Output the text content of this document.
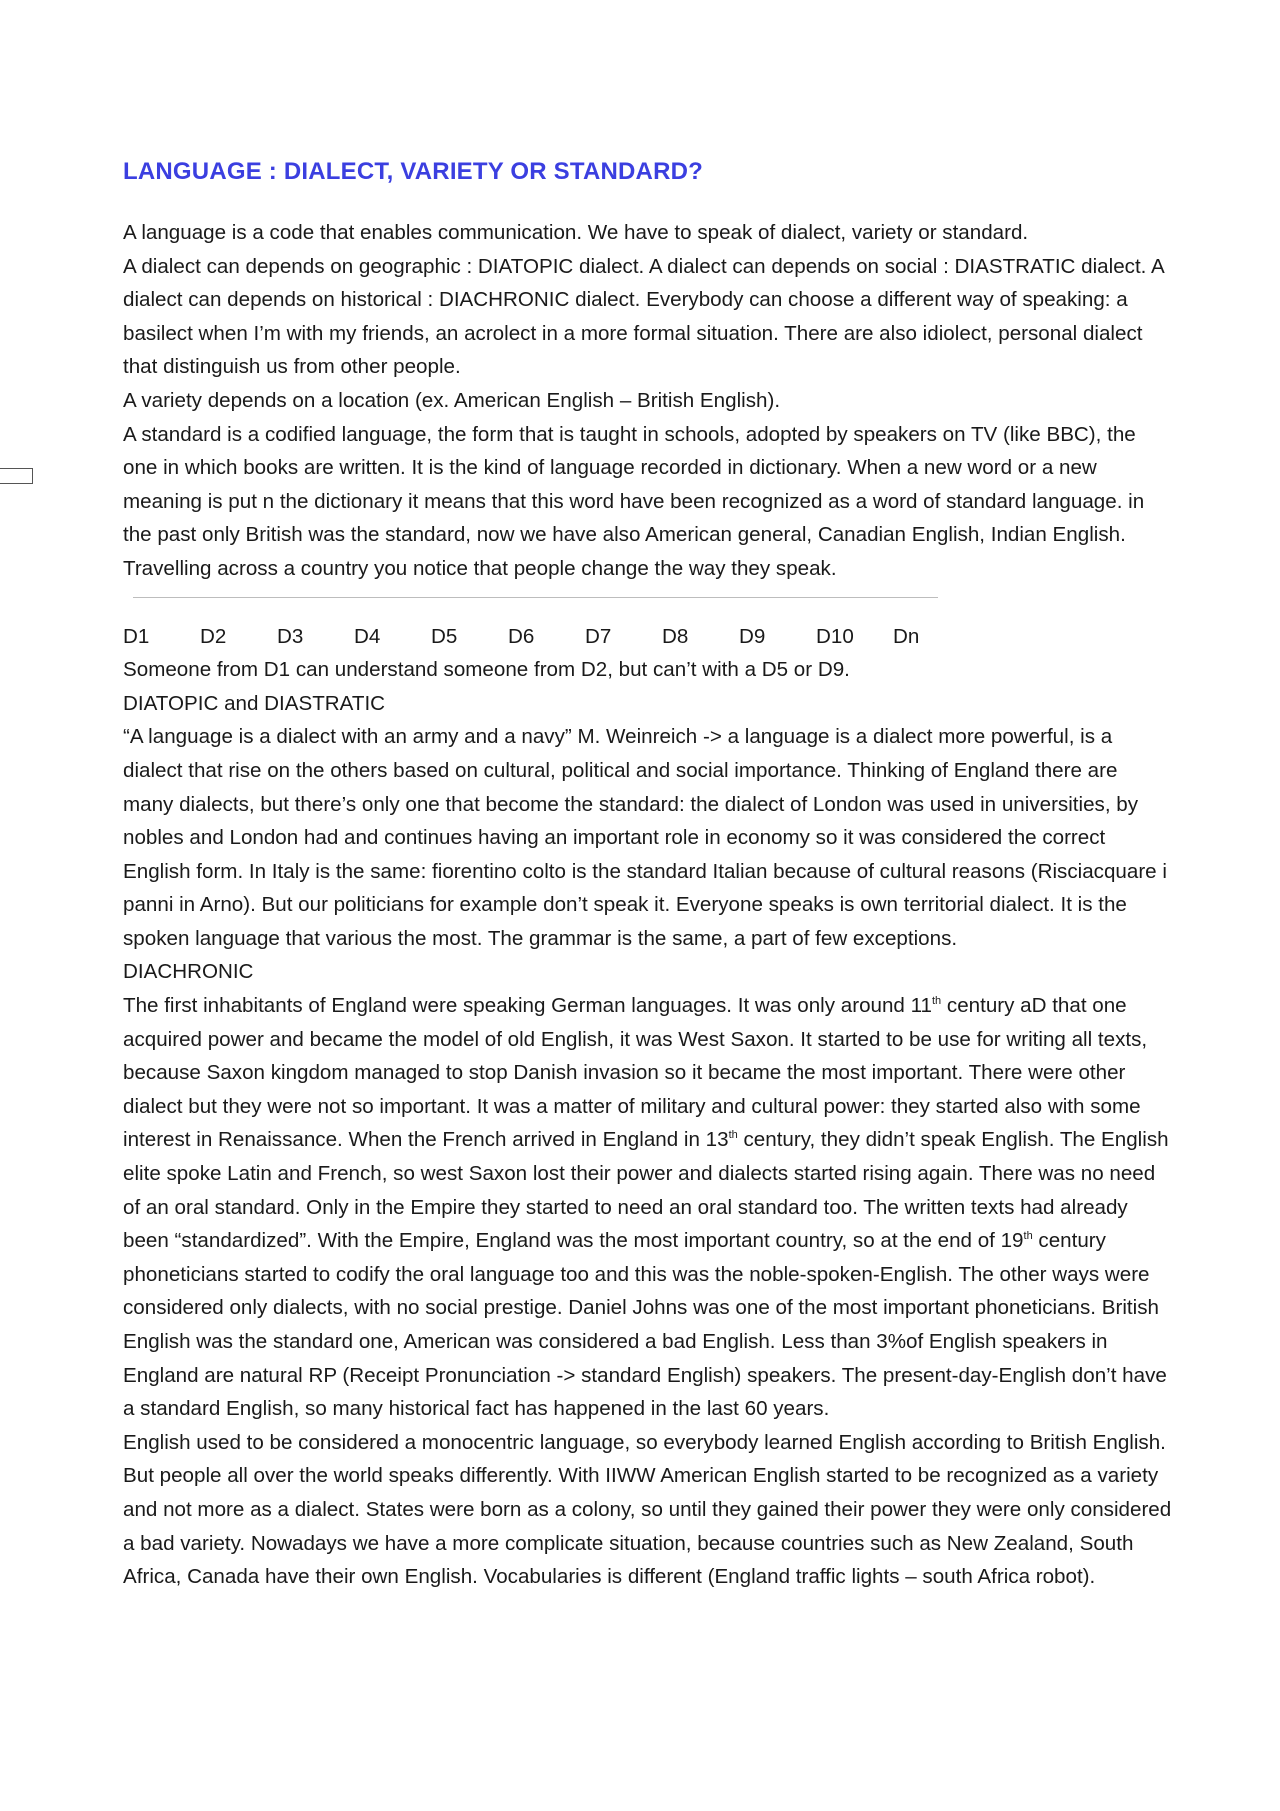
LANGUAGE : DIALECT, VARIETY OR STANDARD?

A language is a code that enables communication. We have to speak of dialect, variety or standard.

A dialect can depends on geographic : DIATOPIC dialect. A dialect can depends on social : DIASTRATIC dialect. A dialect can depends on historical : DIACHRONIC dialect. Everybody can choose a different way of speaking: a basilect when I’m with my friends, an acrolect in a more formal situation. There are also idiolect, personal dialect that distinguish us from other people.

A variety depends on a location (ex. American English – British English).

A standard is a codified language, the form that is taught in schools, adopted by speakers on TV (like BBC), the one in which books are written. It is the kind of language recorded in dictionary. When a new word or a new meaning is put n the dictionary it means that this word have been recognized as a word of standard language. in the past only British was the standard, now we have also American general, Canadian English, Indian English. Travelling across a country you notice that people change the way they speak.

D1	D2	D3	D4	D5	D6	D7	D8	D9	D10	Dn

Someone from D1 can understand someone from D2, but can’t with a D5 or D9.

DIATOPIC and DIASTRATIC

“A language is a dialect with an army and a navy” M. Weinreich -> a language is a dialect more powerful, is a dialect that rise on the others based on cultural, political and social importance. Thinking of England there are many dialects, but there’s only one that become the standard: the dialect of London was used in universities, by nobles and London had and continues having an important role in economy so it was considered the correct English form. In Italy is the same: fiorentino colto is the standard Italian because of cultural reasons (Risciacquare i panni in Arno). But our politicians for example don’t speak it. Everyone speaks is own territorial dialect. It is the spoken language that various the most. The grammar is the same, a part of few exceptions.

DIACHRONIC

The first inhabitants of England were speaking German languages. It was only around 11th century aD that one acquired power and became the model of old English, it was West Saxon. It started to be use for writing all texts, because Saxon kingdom managed to stop Danish invasion so it became the most important. There were other dialect but they were not so important. It was a matter of military and cultural power: they started also with some interest in Renaissance. When the French arrived in England in 13th century, they didn’t speak English. The English elite spoke Latin and French, so west Saxon lost their power and dialects started rising again. There was no need of an oral standard. Only in the Empire they started to need an oral standard too. The written texts had already been “standardized”. With the Empire, England was the most important country, so at the end of 19th century phoneticians started to codify the oral language too and this was the noble-spoken-English. The other ways were considered only dialects, with no social prestige. Daniel Johns was one of the most important phoneticians. British English was the standard one, American was considered a bad English. Less than 3%of English speakers in England are natural RP (Receipt Pronunciation -> standard English) speakers. The present-day-English don’t have a standard English, so many historical fact has happened in the last 60 years.

English used to be considered a monocentric language, so everybody learned English according to British English. But people all over the world speaks differently. With IIWW American English started to be recognized as a variety and not more as a dialect. States were born as a colony, so until they gained their power they were only considered a bad variety. Nowadays we have a more complicate situation, because countries such as New Zealand, South Africa, Canada have their own English. Vocabularies is different (England traffic lights – south Africa robot).
